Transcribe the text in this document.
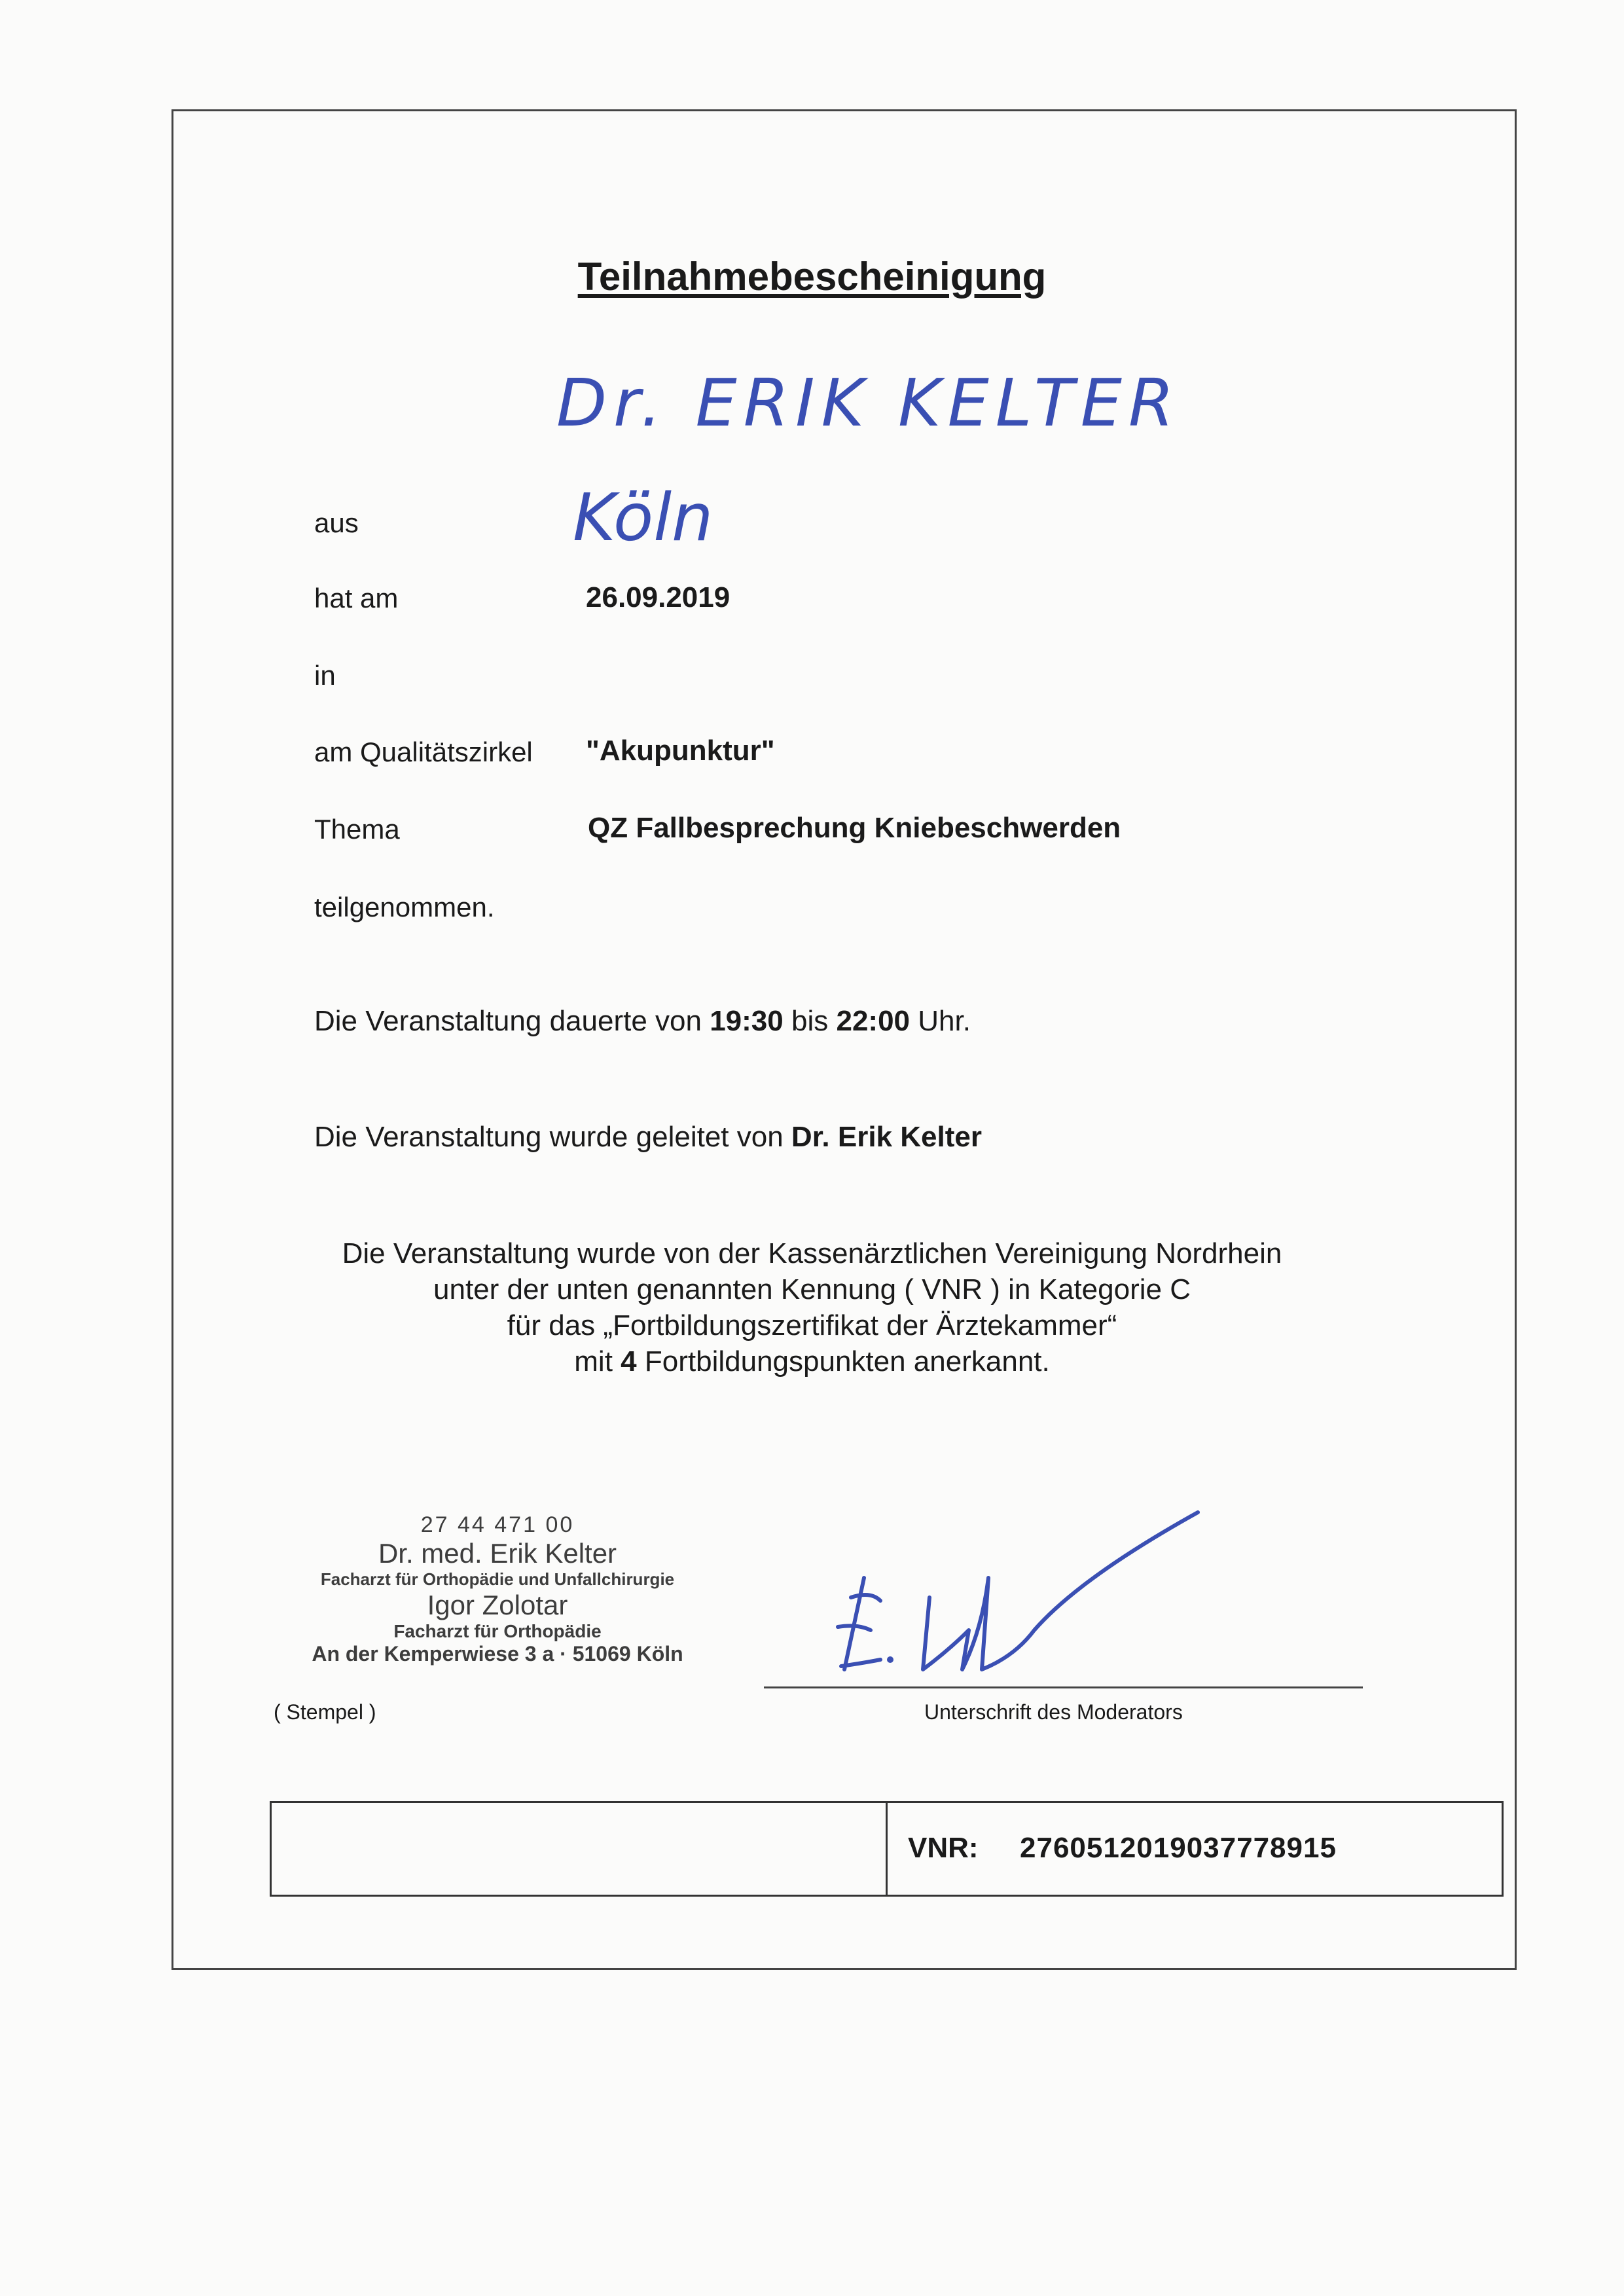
Teilnahmebescheinigung
Dr. ERIK KELTER
aus	Köln
hat am	26.09.2019
in
am Qualitätszirkel "Akupunktur"
Thema	QZ Fallbesprechung Kniebeschwerden
teilgenommen.
Die Veranstaltung dauerte von 19:30 bis 22:00 Uhr.
Die Veranstaltung wurde geleitet von Dr. Erik Kelter
Die Veranstaltung wurde von der Kassenärztlichen Vereinigung Nordrhein
unter der unten genannten Kennung ( VNR ) in Kategorie C
für das „Fortbildungszertifikat der Ärztekammer“
mit 4 Fortbildungspunkten anerkannt.
27 44 471 00
Dr. med. Erik Kelter
Facharzt für Orthopädie und Unfallchirurgie
Igor Zolotar
Facharzt für Orthopädie
An der Kemperwiese 3 a · 51069 Köln
( Stempel )	Unterschrift des Moderators
VNR: 2760512019037778915
